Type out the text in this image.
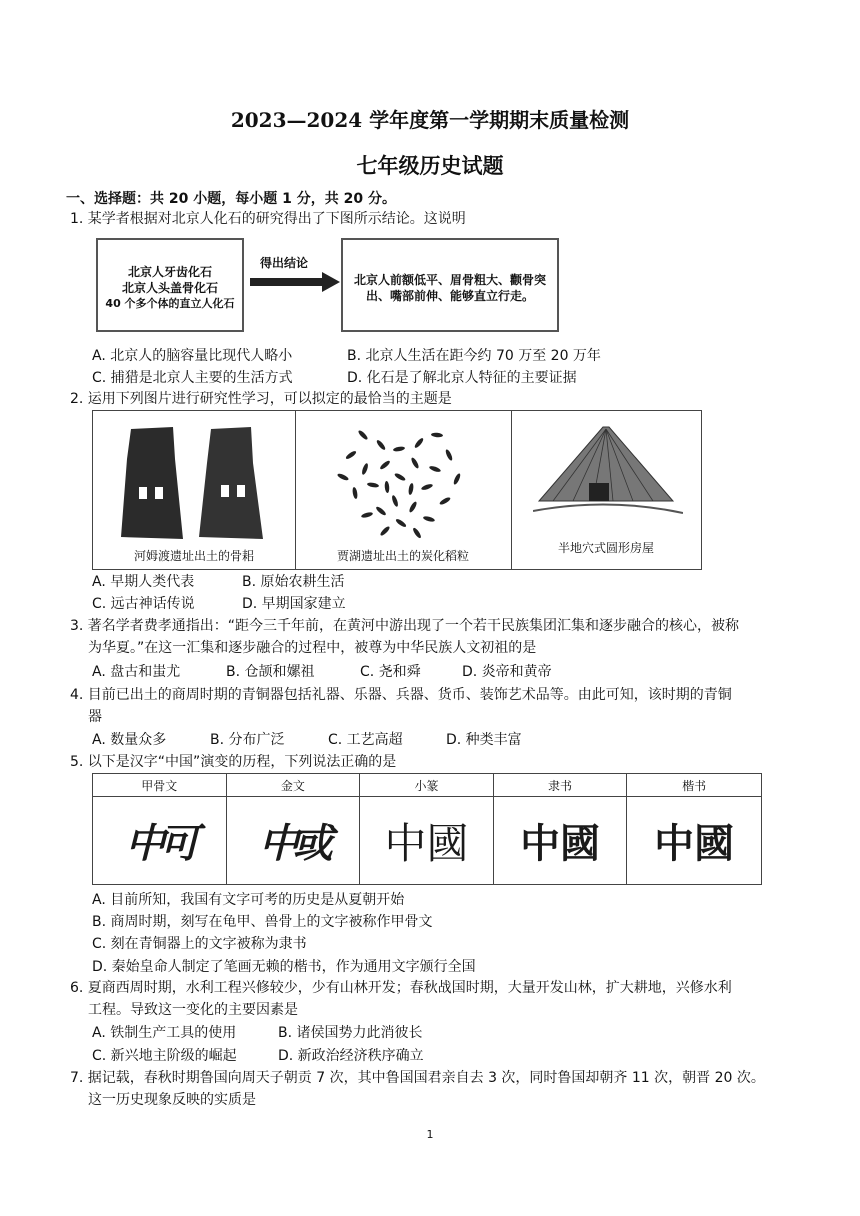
2023—2024 学年度第一学期期末质量检测
七年级历史试题
一、选择题：共 20 小题，每小题 1 分，共 20 分。
1. 某学者根据对北京人化石的研究得出了下图所示结论。这说明
北京人牙齿化石
北京人头盖骨化石
40 个多个体的直立人化石
得出结论
北京人前额低平、眉骨粗大、颧骨突
出、嘴部前伸、能够直立行走。
A. 北京人的脑容量比现代人略小	B. 北京人生活在距今约 70 万至 20 万年
C. 捕猎是北京人主要的生活方式	D. 化石是了解北京人特征的主要证据
2. 运用下列图片进行研究性学习，可以拟定的最恰当的主题是
河姆渡遗址出土的骨耜	贾湖遗址出土的炭化稻粒
半地穴式圆形房屋
A. 早期人类代表	B. 原始农耕生活
C. 远古神话传说	D. 早期国家建立
3. 著名学者费孝通指出：“距今三千年前，在黄河中游出现了一个若干民族集团汇集和逐步融合的核心，被称
为华夏。”在这一汇集和逐步融合的过程中，被尊为中华民族人文初祖的是
A. 盘古和蚩尤	B. 仓颉和嫘祖	C. 尧和舜	D. 炎帝和黄帝
4. 目前已出土的商周时期的青铜器包括礼器、乐器、兵器、货币、装饰艺术品等。由此可知，该时期的青铜
器
A. 数量众多	B. 分布广泛	C. 工艺高超	D. 种类丰富
5. 以下是汉字“中国”演变的历程，下列说法正确的是
甲骨文	金文	小篆	隶书	楷书
中可	中或	中國	中國	中國
A. 目前所知，我国有文字可考的历史是从夏朝开始
B. 商周时期，刻写在龟甲、兽骨上的文字被称作甲骨文
C. 刻在青铜器上的文字被称为隶书
D. 秦始皇命人制定了笔画无赖的楷书，作为通用文字颁行全国
6. 夏商西周时期，水利工程兴修较少，少有山林开发；春秋战国时期，大量开发山林，扩大耕地，兴修水利
工程。导致这一变化的主要因素是
A. 铁制生产工具的使用	B. 诸侯国势力此消彼长
C. 新兴地主阶级的崛起	D. 新政治经济秩序确立
7. 据记载，春秋时期鲁国向周天子朝贡 7 次，其中鲁国国君亲自去 3 次，同时鲁国却朝齐 11 次，朝晋 20 次。
这一历史现象反映的实质是
1
